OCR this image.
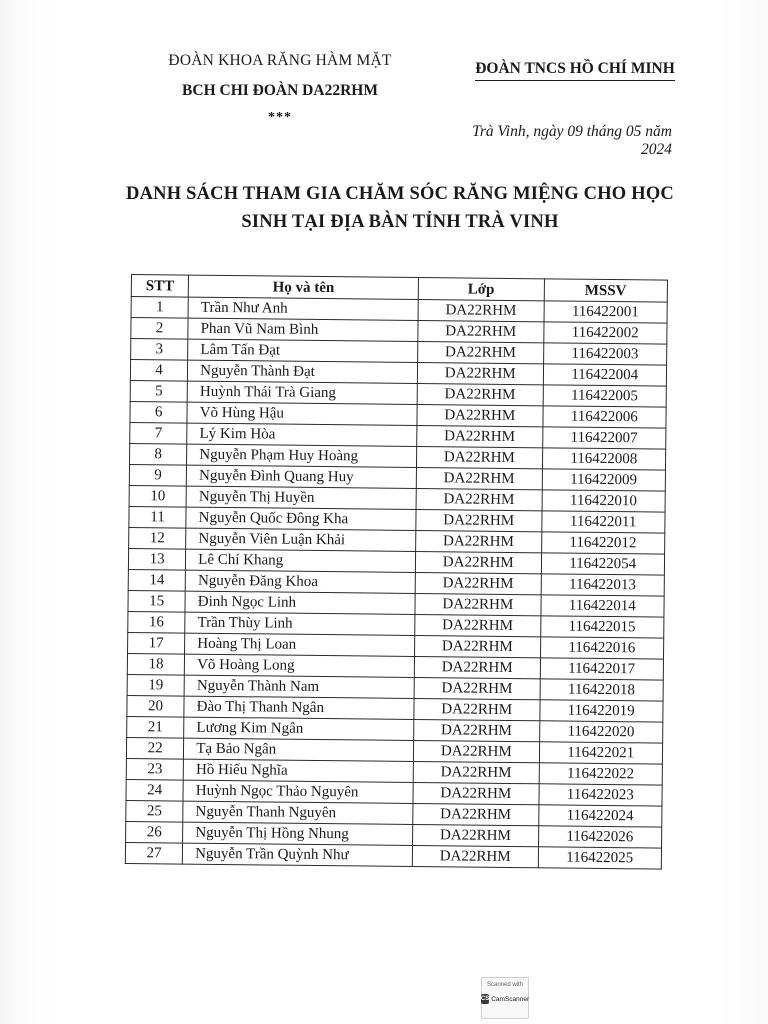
ĐOÀN KHOA RĂNG HÀM MẶT
BCH CHI ĐOÀN DA22RHM
***
ĐOÀN TNCS HỒ CHÍ MINH
Trà Vinh, ngày 09 tháng 05 năm 2024
DANH SÁCH THAM GIA CHĂM SÓC RĂNG MIỆNG CHO HỌC
SINH TẠI ĐỊA BÀN TỈNH TRÀ VINH
STT	Họ và tên	Lớp	MSSV
1	Trần Như Anh	DA22RHM	116422001
2	Phan Vũ Nam Bình	DA22RHM	116422002
3	Lâm Tấn Đạt	DA22RHM	116422003
4	Nguyễn Thành Đạt	DA22RHM	116422004
5	Huỳnh Thái Trà Giang	DA22RHM	116422005
6	Võ Hùng Hậu	DA22RHM	116422006
7	Lý Kim Hòa	DA22RHM	116422007
8	Nguyễn Phạm Huy Hoàng	DA22RHM	116422008
9	Nguyễn Đình Quang Huy	DA22RHM	116422009
10	Nguyễn Thị Huyền	DA22RHM	116422010
11	Nguyễn Quốc Đông Kha	DA22RHM	116422011
12	Nguyễn Viên Luận Khải	DA22RHM	116422012
13	Lê Chí Khang	DA22RHM	116422054
14	Nguyễn Đăng Khoa	DA22RHM	116422013
15	Đinh Ngọc Linh	DA22RHM	116422014
16	Trần Thùy Linh	DA22RHM	116422015
17	Hoàng Thị Loan	DA22RHM	116422016
18	Võ Hoàng Long	DA22RHM	116422017
19	Nguyễn Thành Nam	DA22RHM	116422018
20	Đào Thị Thanh Ngân	DA22RHM	116422019
21	Lương Kim Ngân	DA22RHM	116422020
22	Tạ Bảo Ngân	DA22RHM	116422021
23	Hồ Hiếu Nghĩa	DA22RHM	116422022
24	Huỳnh Ngọc Thảo Nguyên	DA22RHM	116422023
25	Nguyễn Thanh Nguyên	DA22RHM	116422024
26	Nguyễn Thị Hồng Nhung	DA22RHM	116422026
27	Nguyễn Trần Quỳnh Như	DA22RHM	116422025
Scanned with
CS CamScanner
